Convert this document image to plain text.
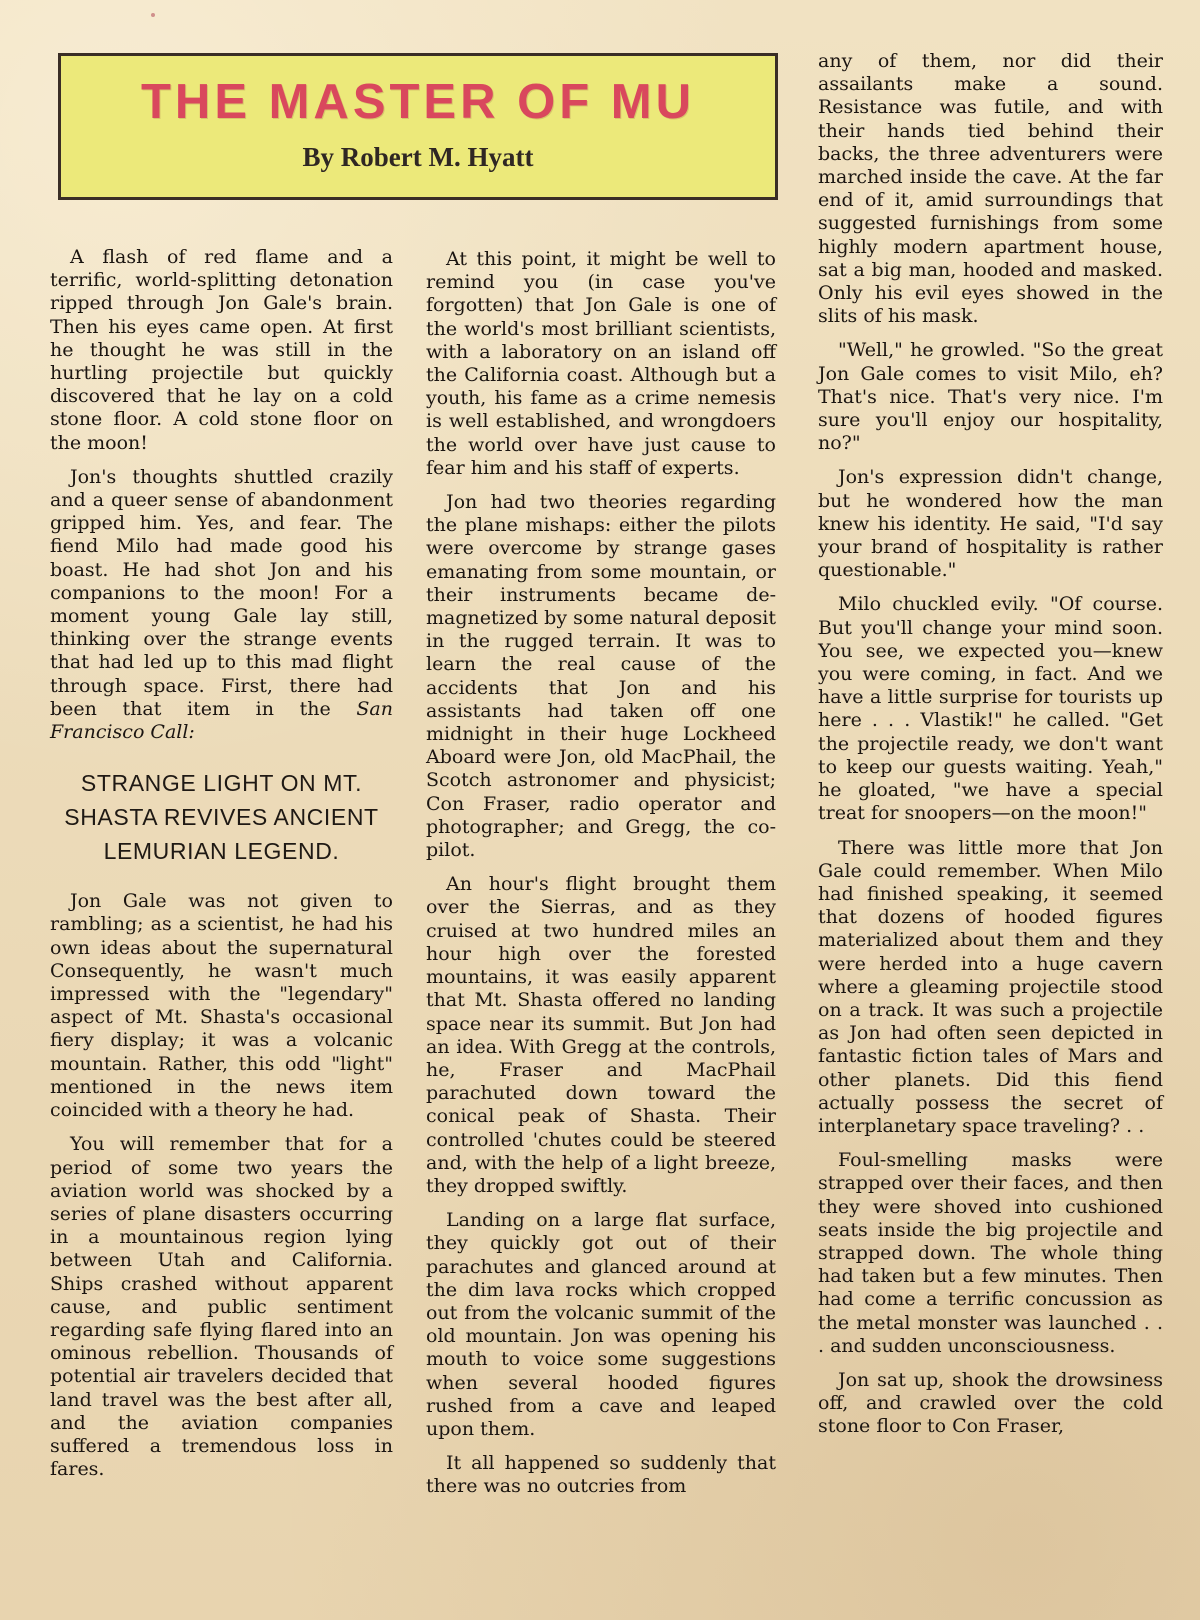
THE MASTER OF MU
By Robert M. Hyatt

A flash of red flame and a terrific, world-splitting detonation ripped through Jon Gale's brain. Then his eyes came open. At first he thought he was still in the hurtling projectile but quickly discovered that he lay on a cold stone floor. A cold stone floor on the moon!

Jon's thoughts shuttled crazily and a queer sense of abandonment gripped him. Yes, and fear. The fiend Milo had made good his boast. He had shot Jon and his companions to the moon! For a moment young Gale lay still, thinking over the strange events that had led up to this mad flight through space. First, there had been that item in the San Francisco Call:

STRANGE LIGHT ON MT. SHASTA REVIVES ANCIENT LEMURIAN LEGEND.

Jon Gale was not given to rambling; as a scientist, he had his own ideas about the supernatural Consequently, he wasn't much impressed with the "legendary" aspect of Mt. Shasta's occasional fiery display; it was a volcanic mountain. Rather, this odd "light" mentioned in the news item coincided with a theory he had.

You will remember that for a period of some two years the aviation world was shocked by a series of plane disasters occurring in a mountainous region lying between Utah and California. Ships crashed without apparent cause, and public sentiment regarding safe flying flared into an ominous rebellion. Thousands of potential air travelers decided that land travel was the best after all, and the aviation companies suffered a tremendous loss in fares.

At this point, it might be well to remind you (in case you've forgotten) that Jon Gale is one of the world's most brilliant scientists, with a laboratory on an island off the California coast. Although but a youth, his fame as a crime nemesis is well established, and wrongdoers the world over have just cause to fear him and his staff of experts.

Jon had two theories regarding the plane mishaps: either the pilots were overcome by strange gases emanating from some mountain, or their instruments became de-magnetized by some natural deposit in the rugged terrain. It was to learn the real cause of the accidents that Jon and his assistants had taken off one midnight in their huge Lockheed Aboard were Jon, old MacPhail, the Scotch astronomer and physicist; Con Fraser, radio operator and photographer; and Gregg, the co-pilot.

An hour's flight brought them over the Sierras, and as they cruised at two hundred miles an hour high over the forested mountains, it was easily apparent that Mt. Shasta offered no landing space near its summit. But Jon had an idea. With Gregg at the controls, he, Fraser and MacPhail parachuted down toward the conical peak of Shasta. Their controlled 'chutes could be steered and, with the help of a light breeze, they dropped swiftly.

Landing on a large flat surface, they quickly got out of their parachutes and glanced around at the dim lava rocks which cropped out from the volcanic summit of the old mountain. Jon was opening his mouth to voice some suggestions when several hooded figures rushed from a cave and leaped upon them.

It all happened so suddenly that there was no outcries from

any of them, nor did their assailants make a sound. Resistance was futile, and with their hands tied behind their backs, the three adventurers were marched inside the cave. At the far end of it, amid surroundings that suggested furnishings from some highly modern apartment house, sat a big man, hooded and masked. Only his evil eyes showed in the slits of his mask.

"Well," he growled. "So the great Jon Gale comes to visit Milo, eh? That's nice. That's very nice. I'm sure you'll enjoy our hospitality, no?"

Jon's expression didn't change, but he wondered how the man knew his identity. He said, "I'd say your brand of hospitality is rather questionable."

Milo chuckled evily. "Of course. But you'll change your mind soon. You see, we expected you—knew you were coming, in fact. And we have a little surprise for tourists up here . . . Vlastik!" he called. "Get the projectile ready, we don't want to keep our guests waiting. Yeah," he gloated, "we have a special treat for snoopers—on the moon!"

There was little more that Jon Gale could remember. When Milo had finished speaking, it seemed that dozens of hooded figures materialized about them and they were herded into a huge cavern where a gleaming projectile stood on a track. It was such a projectile as Jon had often seen depicted in fantastic fiction tales of Mars and other planets. Did this fiend actually possess the secret of interplanetary space traveling? . .

Foul-smelling masks were strapped over their faces, and then they were shoved into cushioned seats inside the big projectile and strapped down. The whole thing had taken but a few minutes. Then had come a terrific concussion as the metal monster was launched . . . and sudden unconsciousness.

Jon sat up, shook the drowsiness off, and crawled over the cold stone floor to Con Fraser,
